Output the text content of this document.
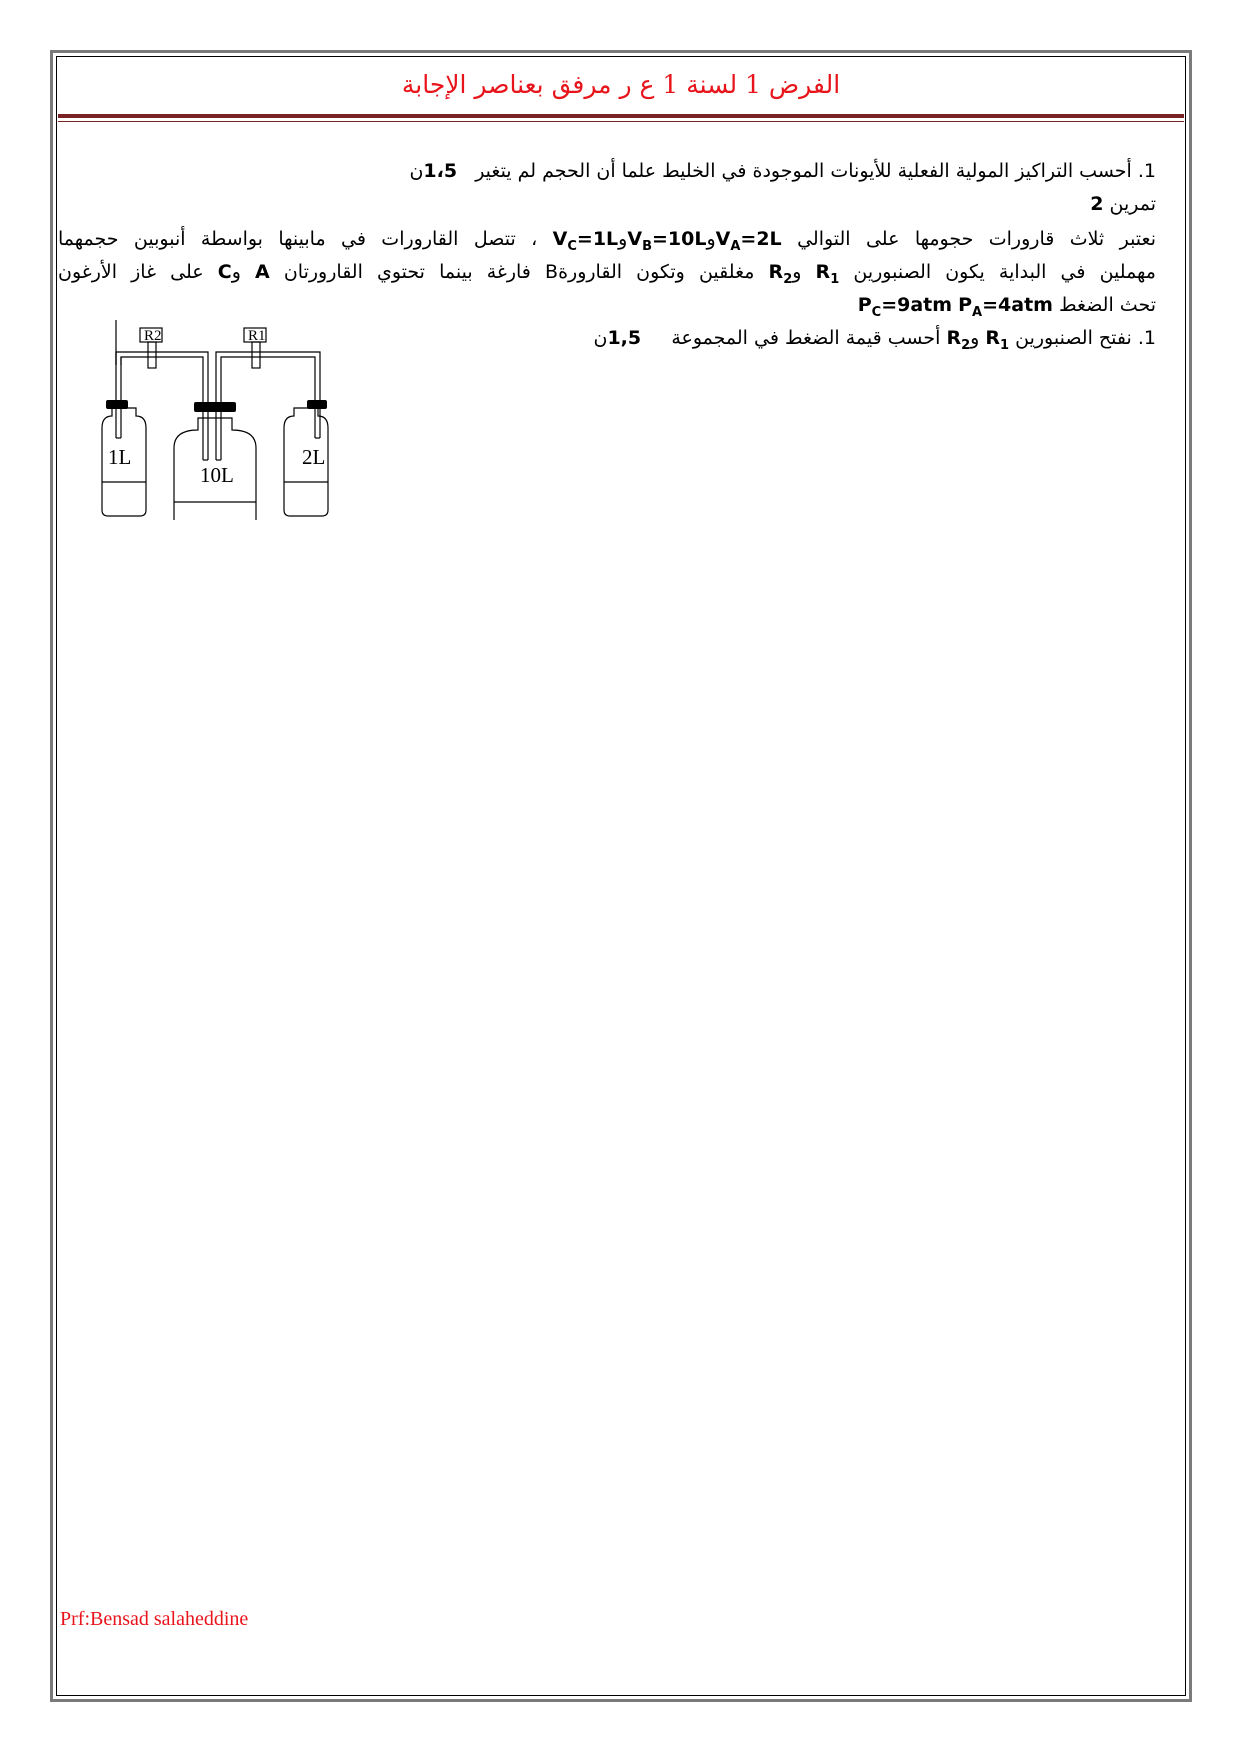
الفرض 1 لسنة 1 ع ر مرفق بعناصر الإجابة
1. أحسب التراكيز المولية الفعلية للأيونات الموجودة في الخليط علما أن الحجم لم يتغير   1،5ن
تمرين 2
نعتبر ثلاث قارورات حجومها على التوالي $V_A=2LوV_B=10LوV_C=1L$ ، تتصل القارورات في مابينها بواسطة أنبوبين حجمهما
مهملين في البداية يكون الصنبورين $R_1$ وR$_2$ مغلقين وتكون القارورةB فارغة بينما تحتوي القارورتان A وC على غاز الأرغون
تحث الضغط $P_A=4atm$ $P_C=9atm$
1. نفتح الصنبورين $R_1$ وR$_2$ أحسب قيمة الضغط في المجموعة     1,5ن
R2	R1
1L
10L
2L
Prf:Bensad salaheddine
